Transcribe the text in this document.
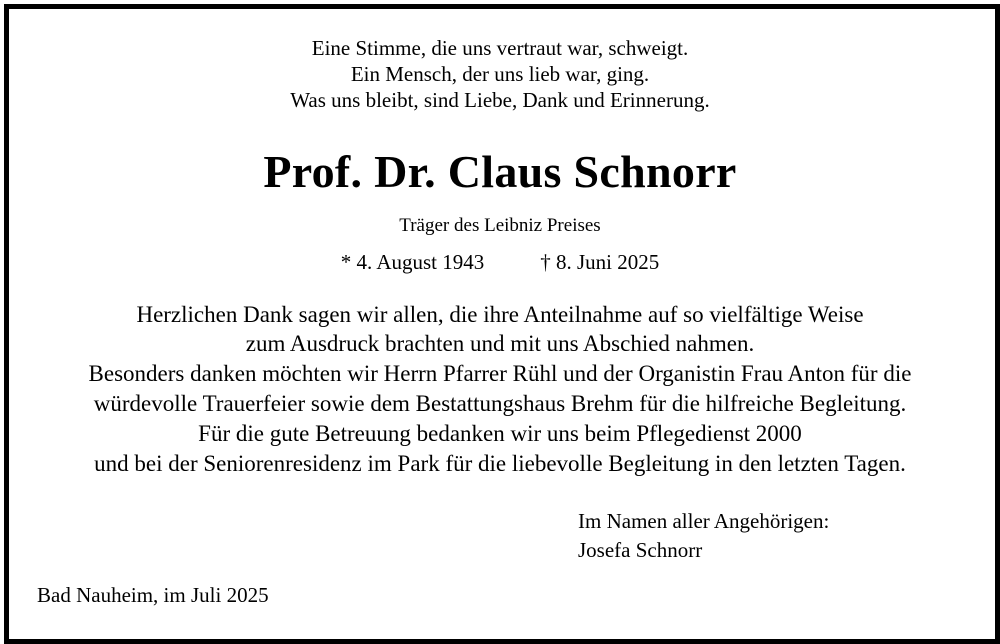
Eine Stimme, die uns vertraut war, schweigt.
Ein Mensch, der uns lieb war, ging.
Was uns bleibt, sind Liebe, Dank und Erinnerung.
Prof. Dr. Claus Schnorr
Träger des Leibniz Preises
* 4. August 1943	† 8. Juni 2025
Herzlichen Dank sagen wir allen, die ihre Anteilnahme auf so vielfältige Weise
zum Ausdruck brachten und mit uns Abschied nahmen.
Besonders danken möchten wir Herrn Pfarrer Rühl und der Organistin Frau Anton für die
würdevolle Trauerfeier sowie dem Bestattungshaus Brehm für die hilfreiche Begleitung.
Für die gute Betreuung bedanken wir uns beim Pflegedienst 2000
und bei der Seniorenresidenz im Park für die liebevolle Begleitung in den letzten Tagen.
Im Namen aller Angehörigen:
Josefa Schnorr
Bad Nauheim, im Juli 2025
